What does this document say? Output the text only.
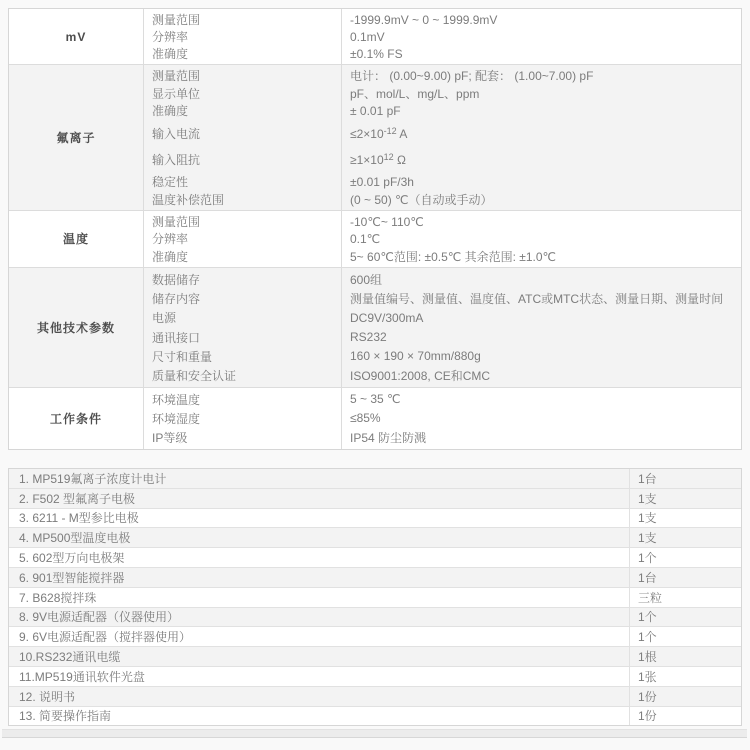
mV
测量范围	-1999.9mV ~ 0 ~ 1999.9mV
分辨率	0.1mV
准确度	±0.1% FS
氟离子
测量范围	电计： (0.00~9.00) pF; 配套： (1.00~7.00) pF
显示单位	pF、mol/L、mg/L、ppm
准确度	± 0.01 pF
输入电流	$\le 2\times 10^{-12}$ A
输入阻抗	$\ge 1\times 10^{12}$ Ω
稳定性	±0.01 pF/3h
温度补偿范围	(0 ~ 50) ℃（自动或手动）
温度
测量范围	-10℃~ 110℃
分辨率	0.1℃
准确度	5~ 60℃范围: ±0.5℃ 其余范围: ±1.0℃
其他技术参数
数据储存	600组
储存内容	测量值编号、测量值、温度值、ATC或MTC状态、测量日期、测量时间
电源	DC9V/300mA
通讯接口	RS232
尺寸和重量	160 × 190 × 70mm/880g
质量和安全认证	ISO9001:2008, CE和CMC
工作条件
环境温度	5 ~ 35 ℃
环境湿度	≤85%
IP等级	IP54 防尘防溅
1. MP519氟离子浓度计电计	1台
2. F502 型氟离子电极	1支
3. 6211 - M型参比电极	1支
4. MP500型温度电极	1支
5. 602型万向电极架	1个
6. 901型智能搅拌器	1台
7. B628搅拌珠	三粒
8. 9V电源适配器（仪器使用）	1个
9. 6V电源适配器（搅拌器使用）	1个
10.RS232通讯电缆	1根
11.MP519通讯软件光盘	1张
12. 说明书	1份
13. 简要操作指南	1份
